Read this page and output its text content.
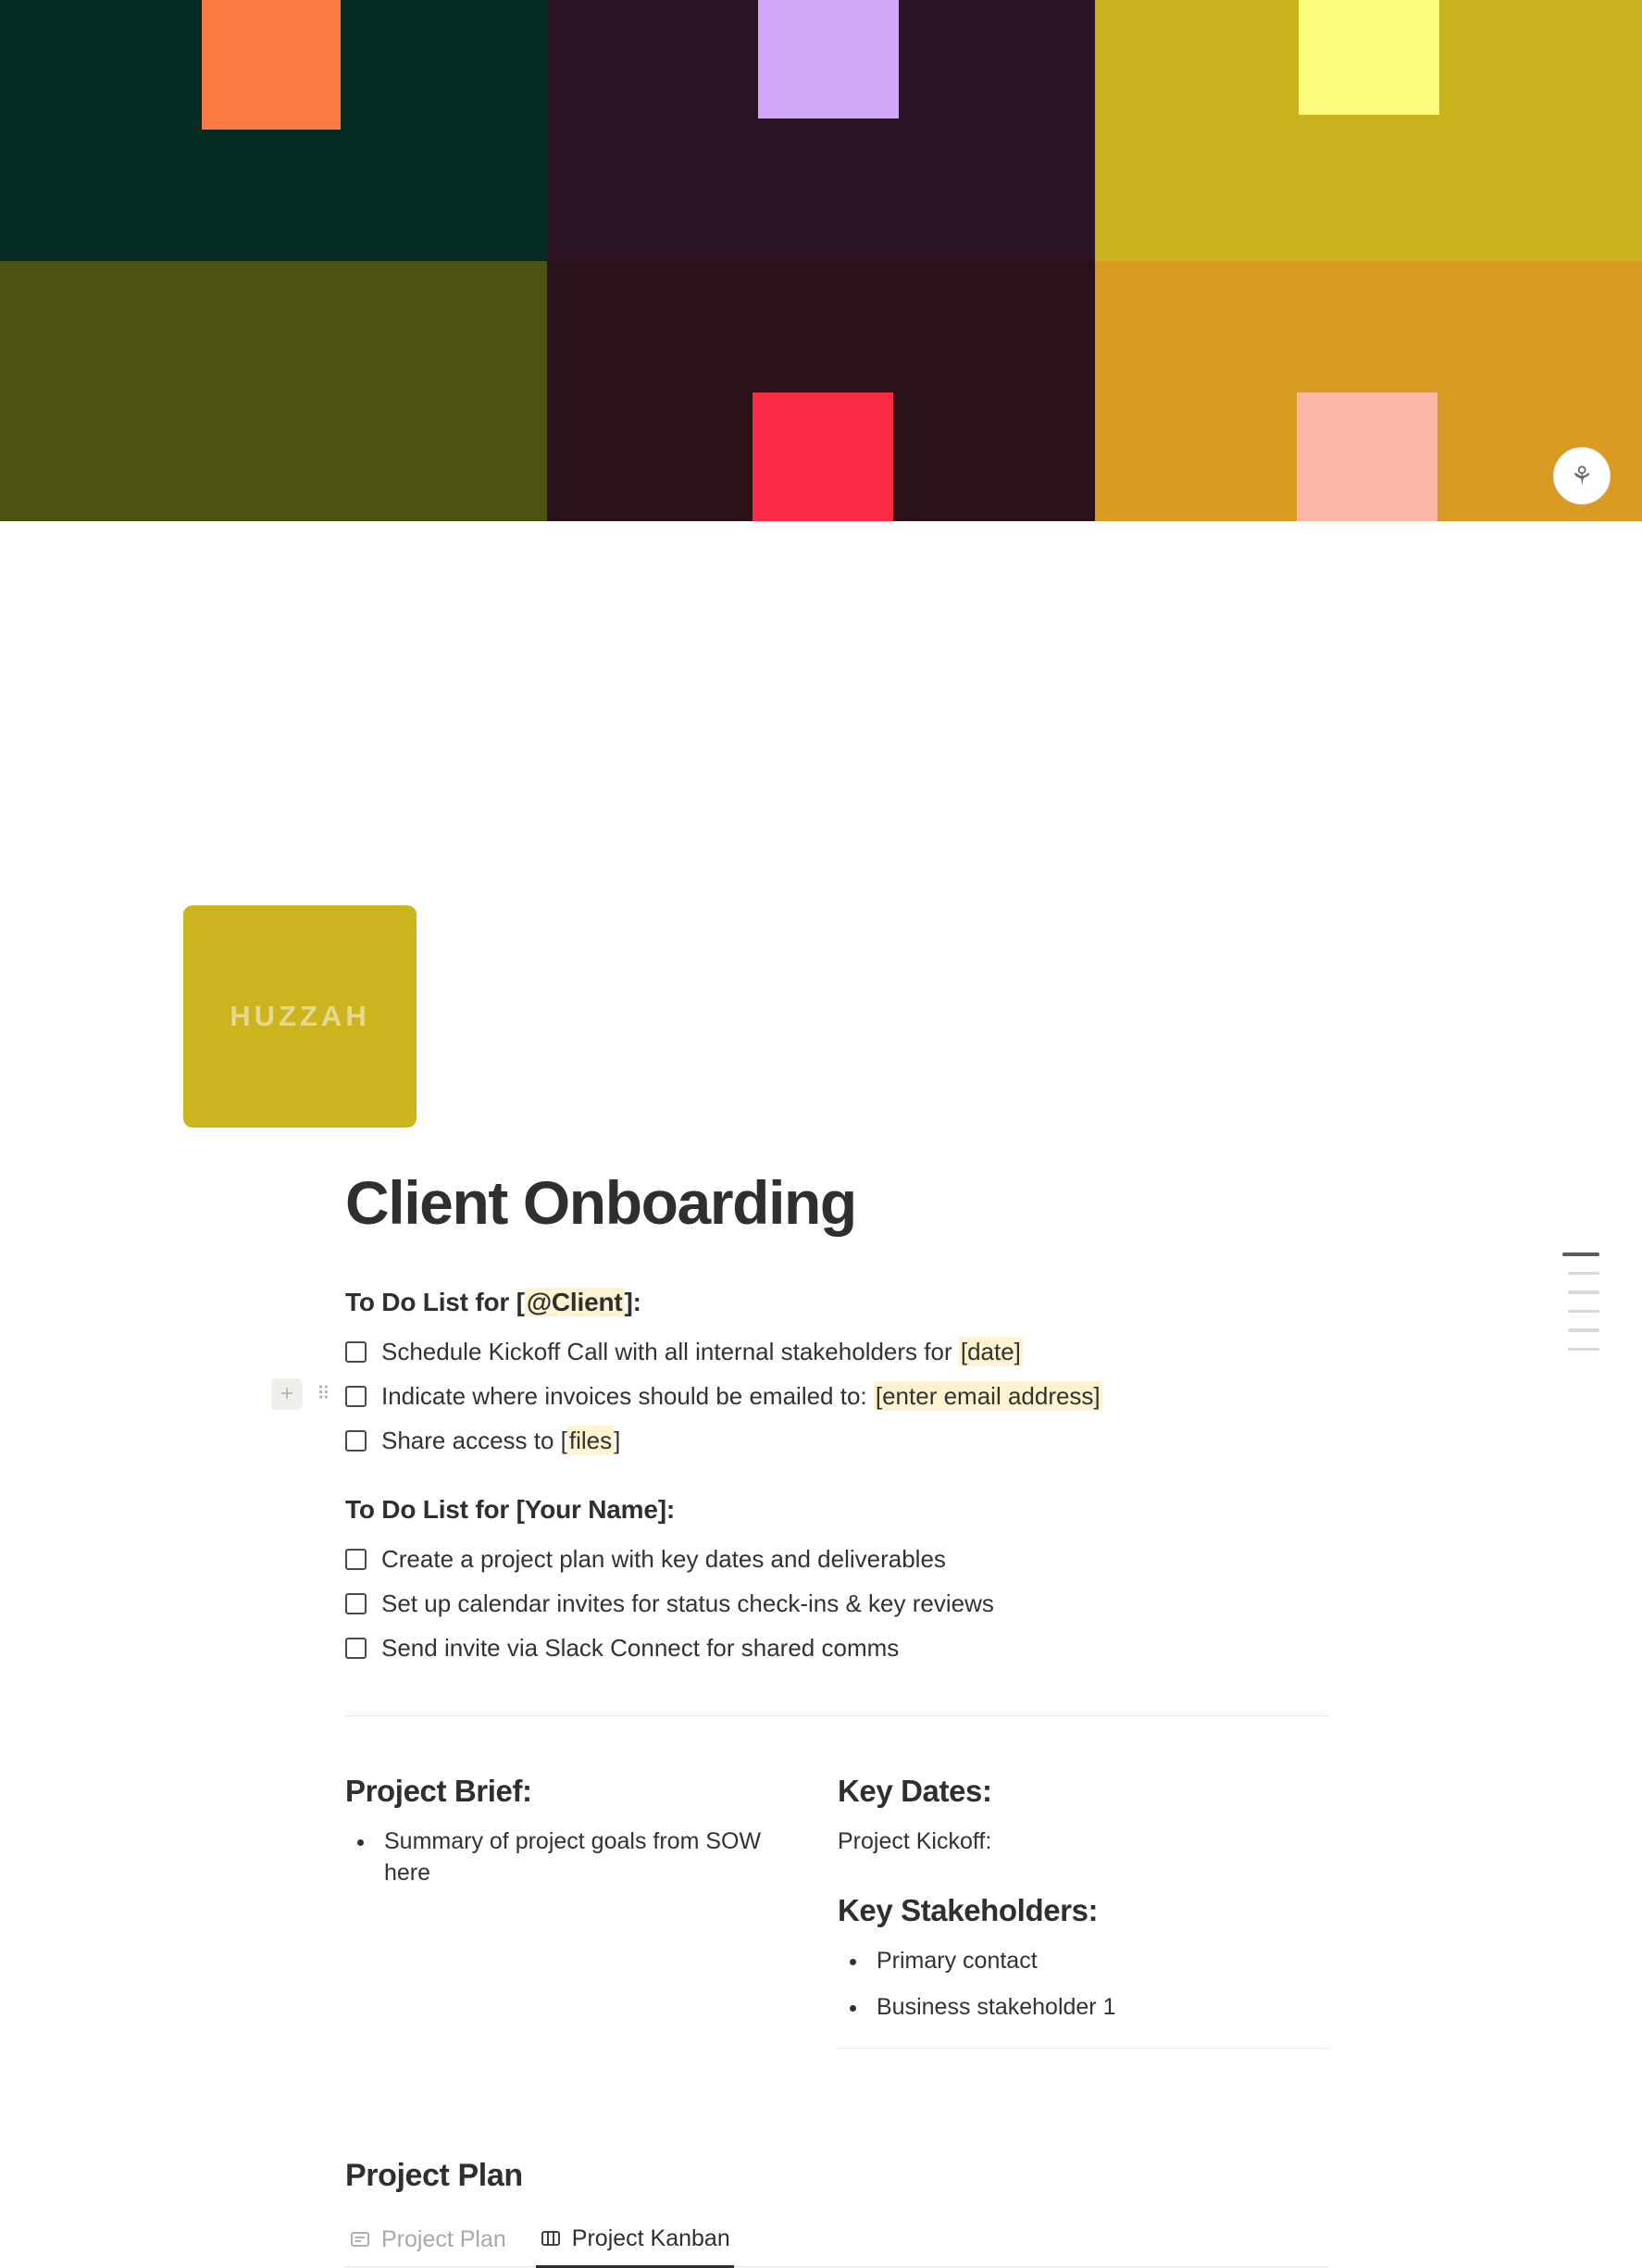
HUZZAH
Client Onboarding
To Do List for [@Client]:
Schedule Kickoff Call with all internal stakeholders for [date]
+	⠿	Indicate where invoices should be emailed to: [enter email address]
Share access to [files]
To Do List for [Your Name]:
Create a project plan with key dates and deliverables
Set up calendar invites for status check-ins & key reviews
Send invite via Slack Connect for shared comms
Project Brief:
• Summary of project goals from SOW here
Key Dates:

Project Kickoff:

Key Stakeholders:
• Primary contact
• Business stakeholder 1
Project Plan
Project Plan	Project Kanban
⚘
